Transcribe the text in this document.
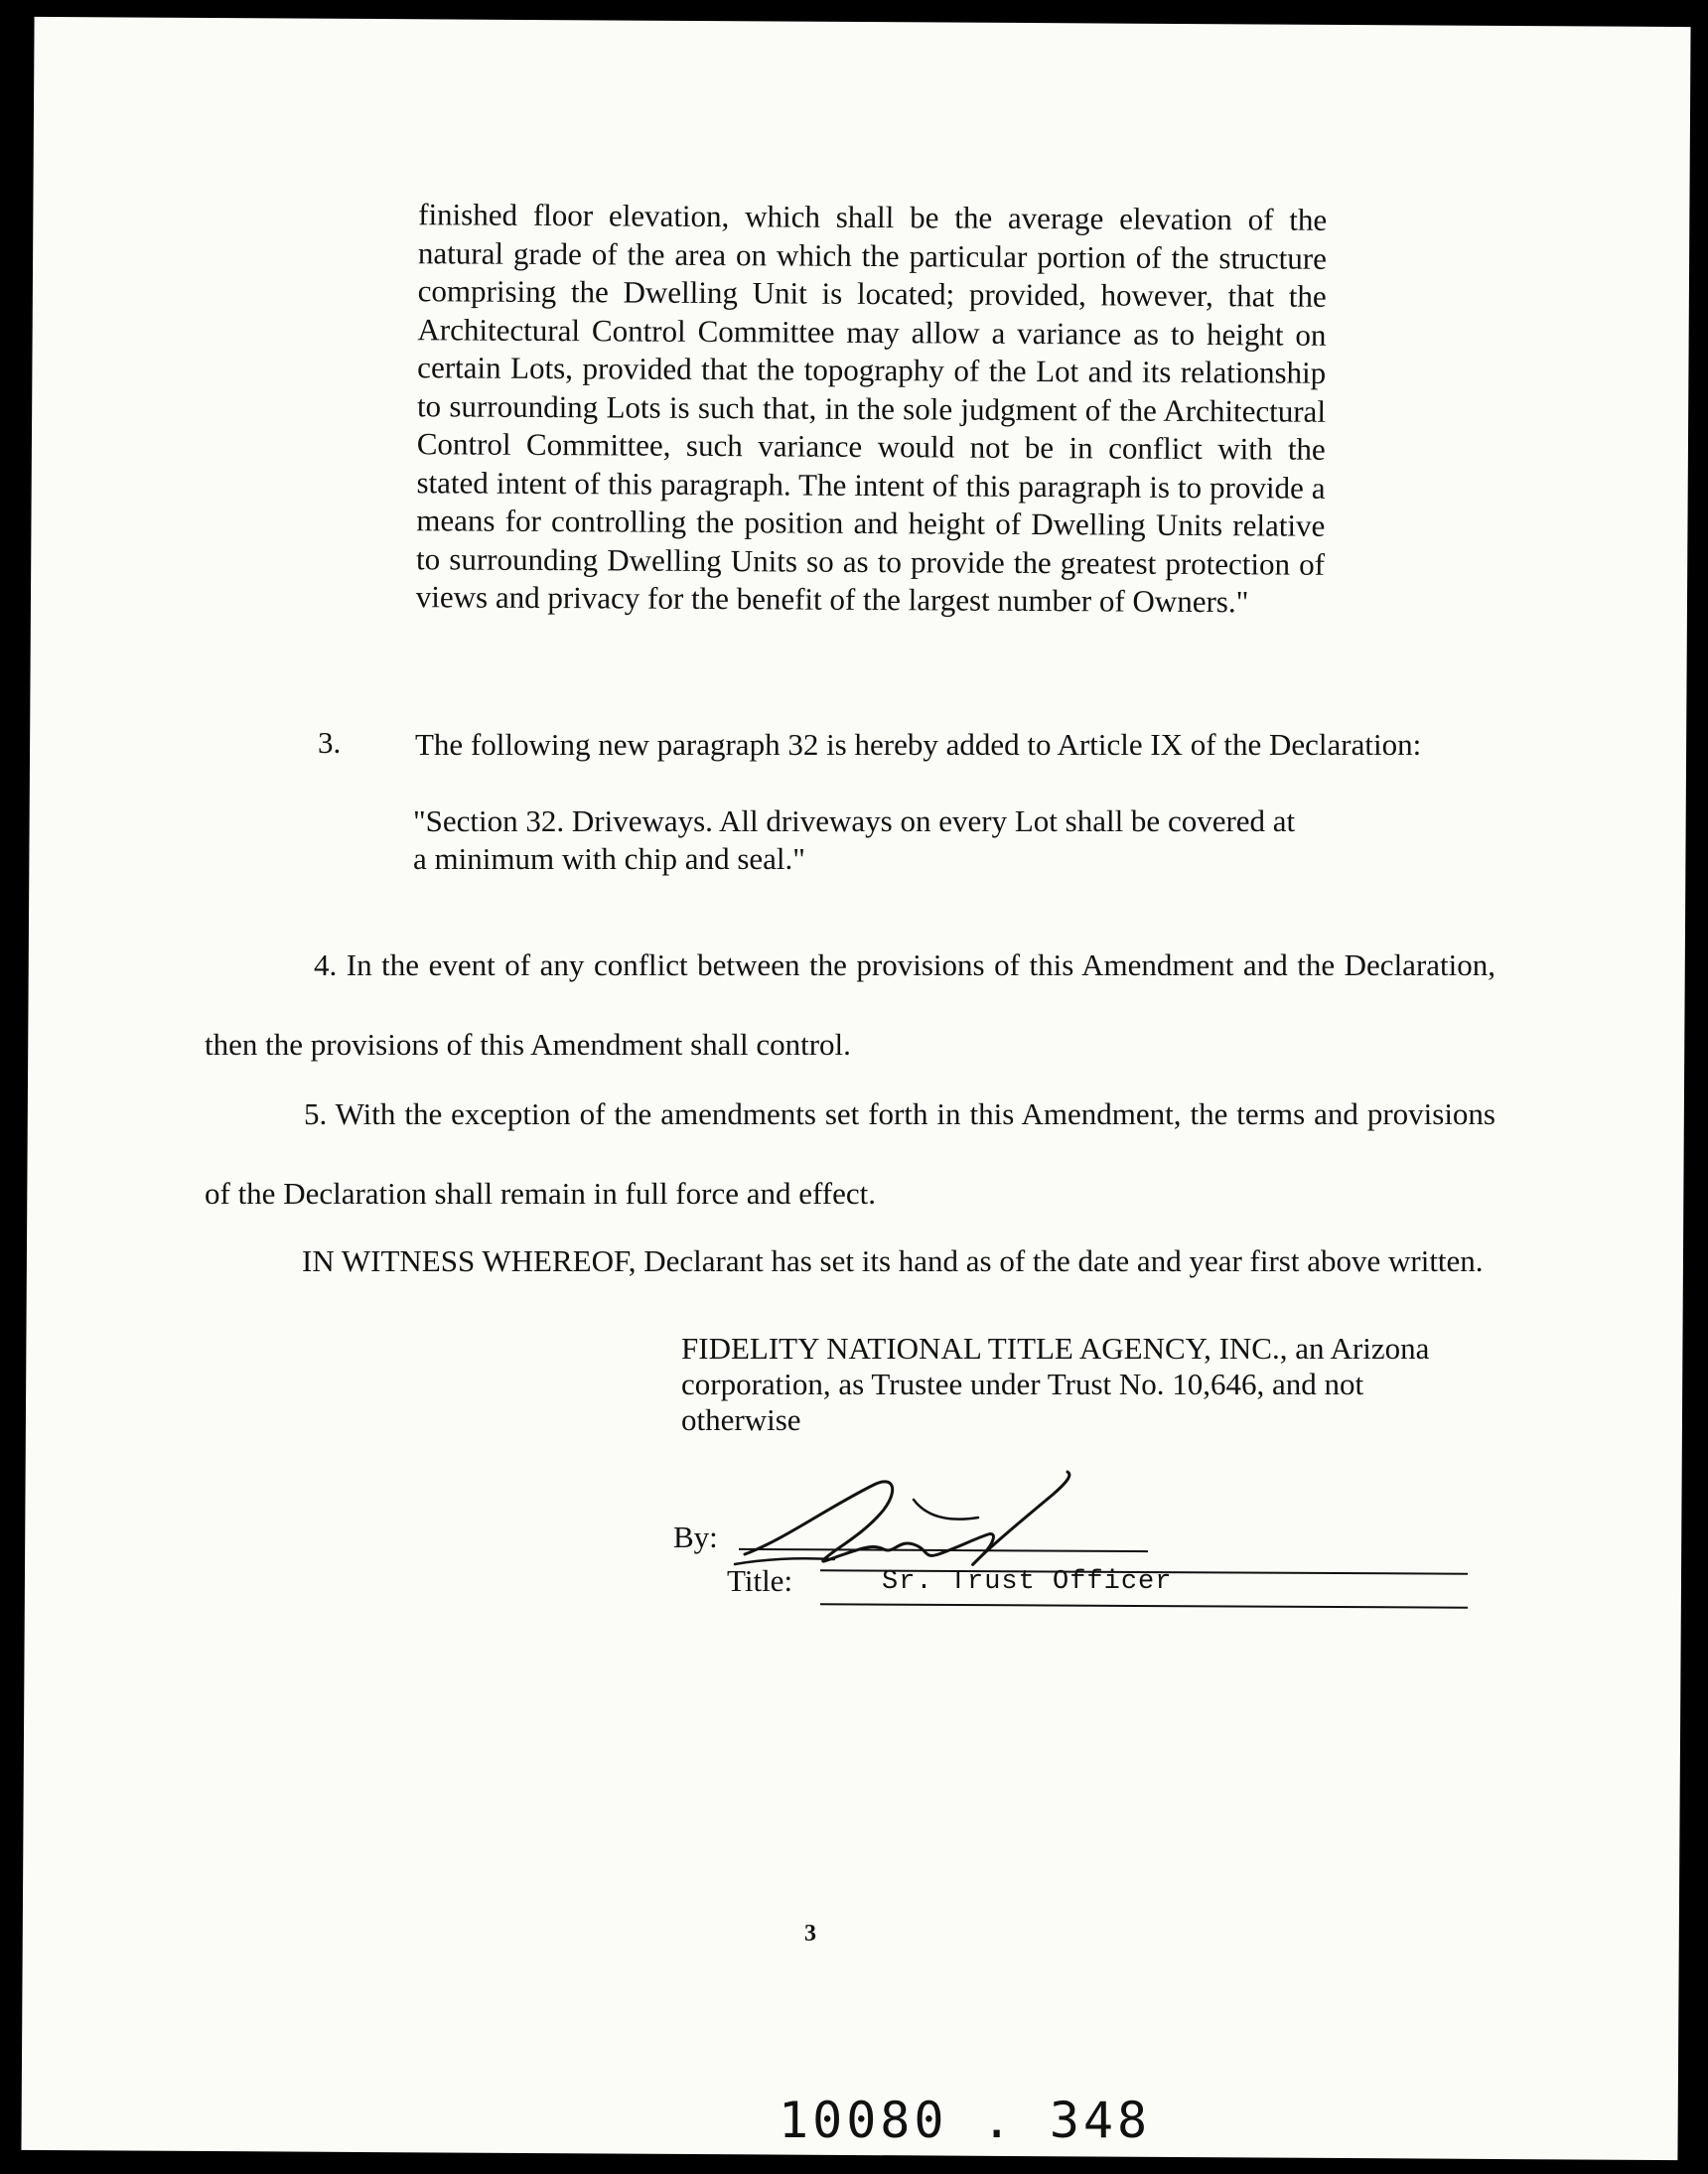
finished floor elevation, which shall be the average elevation of the natural grade of the area on which the particular portion of the structure comprising the Dwelling Unit is located; provided, however, that the Architectural Control Committee may allow a variance as to height on certain Lots, provided that the topography of the Lot and its relationship to surrounding Lots is such that, in the sole judgment of the Architectural Control Committee, such variance would not be in conflict with the stated intent of this paragraph. The intent of this paragraph is to provide a means for controlling the position and height of Dwelling Units relative to surrounding Dwelling Units so as to provide the greatest protection of views and privacy for the benefit of the largest number of Owners."
3. The following new paragraph 32 is hereby added to Article IX of the Declaration:
"Section 32. Driveways. All driveways on every Lot shall be covered at a minimum with chip and seal."
4. In the event of any conflict between the provisions of this Amendment and the Declaration, then the provisions of this Amendment shall control.
5. With the exception of the amendments set forth in this Amendment, the terms and provisions of the Declaration shall remain in full force and effect.
IN WITNESS WHEREOF, Declarant has set its hand as of the date and year first above written.
FIDELITY NATIONAL TITLE AGENCY, INC., an Arizona corporation, as Trustee under Trust No. 10,646, and not otherwise
By:
Title:	Sr. Trust Officer
3
10080 . 348
